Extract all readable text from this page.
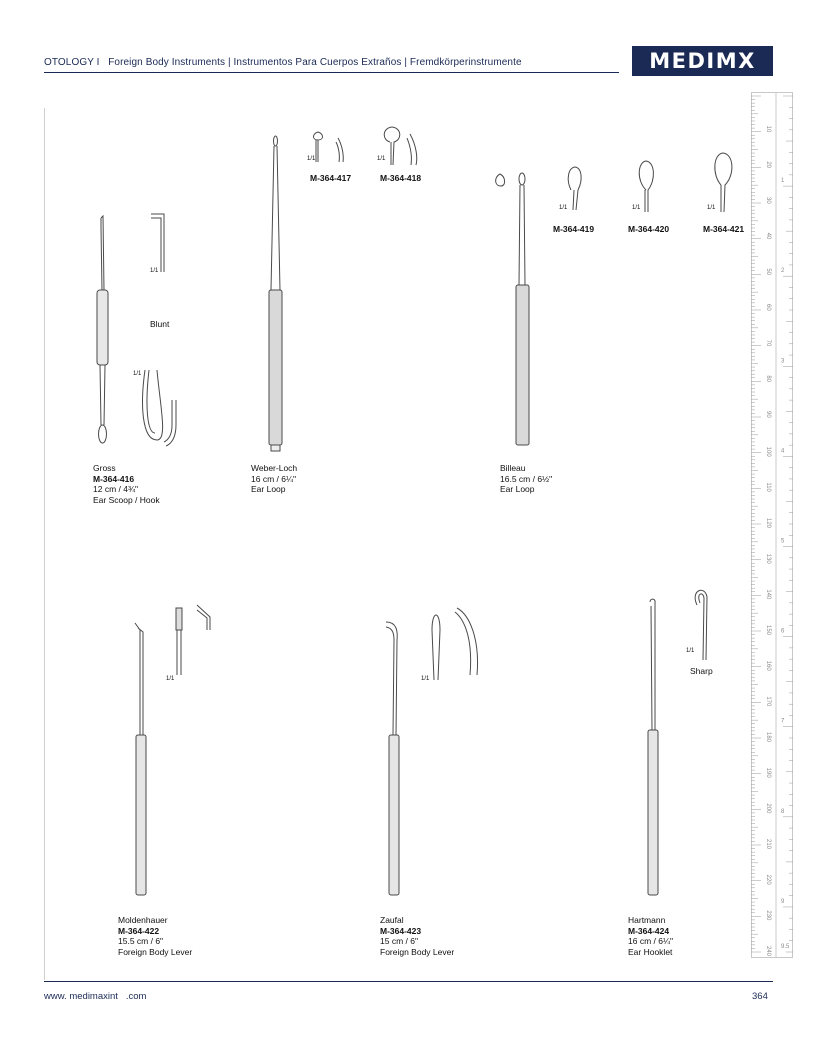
OTOLOGY I Foreign Body Instruments | Instrumentos Para Cuerpos Extraños | Fremdkörperinstrumente	MEDIMX
1/1
1/1
1/1	1/1
1/1	1/1	1/1
1/1	1/1
1/1
Blunt
Sharp
M-364-417	M-364-418
M-364-419	M-364-420	M-364-421
Gross
M-364-416
12 cm / 4¾"
Ear Scoop / Hook
Weber-Loch
16 cm / 6¼"
Ear Loop
Billeau
16.5 cm / 6½"
Ear Loop
Moldenhauer
M-364-422
15.5 cm / 6"
Foreign Body Lever
Zaufal
M-364-423
15 cm / 6"
Foreign Body Lever
Hartmann
M-364-424
16 cm / 6¼"
Ear Hooklet
10
20
30
40
50
60
70
80
90
100
110
120
130
140
150
160
170
180
190
200
210
220
230
240
1
2
3
4
5
6
7
8
9
9.5
www. medimaxint   .com	364
